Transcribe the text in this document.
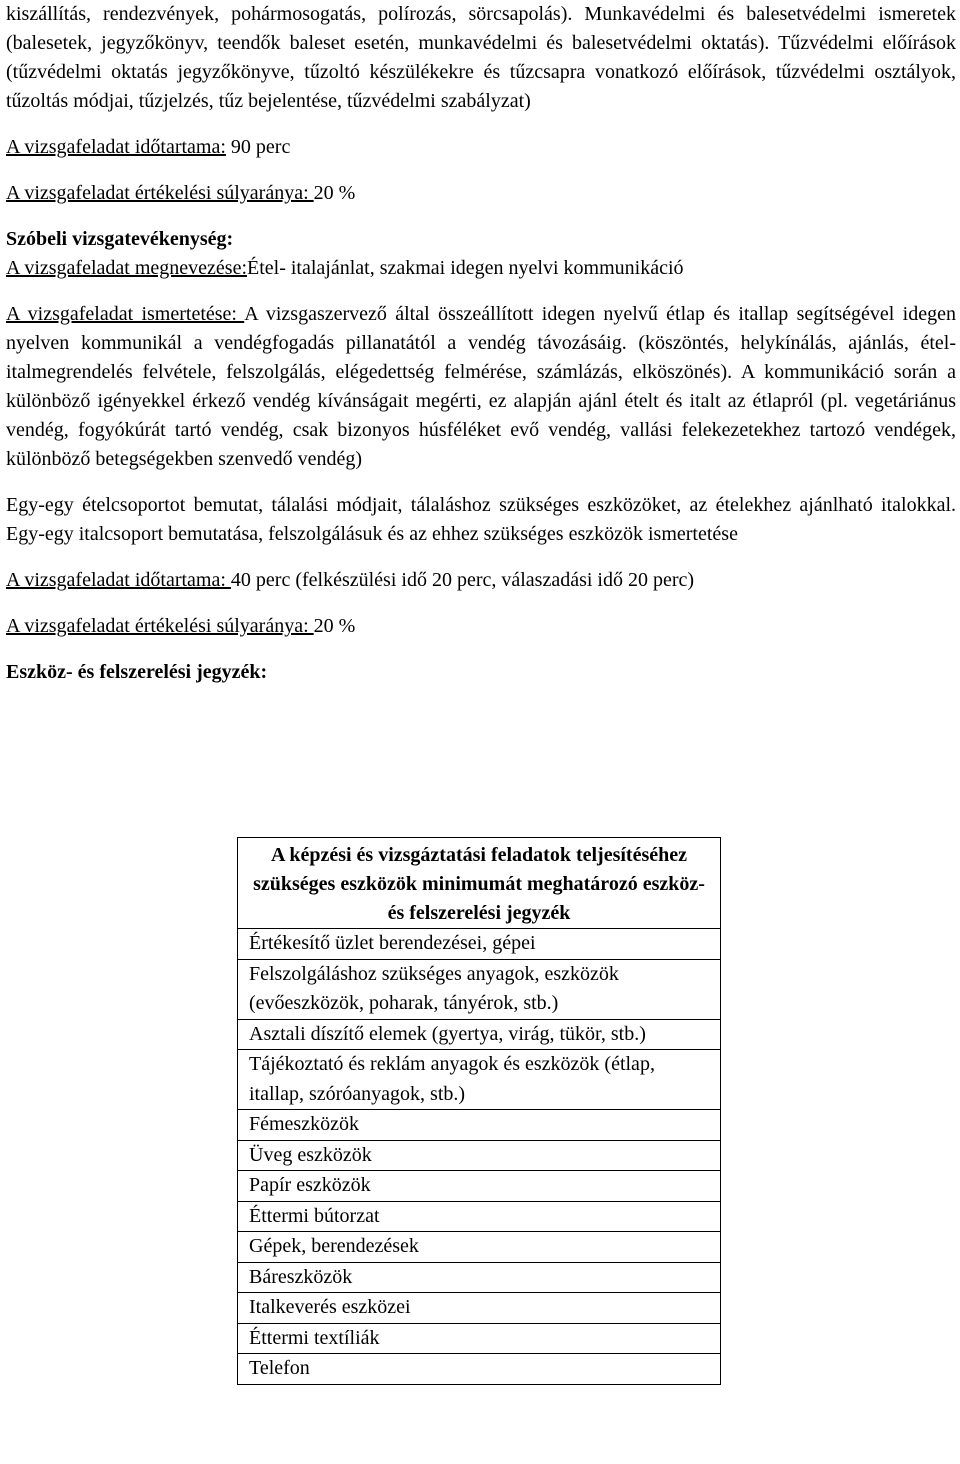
kiszállítás, rendezvények, pohármosogatás, polírozás, sörcsapolás). Munkavédelmi és balesetvédelmi ismeretek (balesetek, jegyzőkönyv, teendők baleset esetén, munkavédelmi és balesetvédelmi oktatás). Tűzvédelmi előírások (tűzvédelmi oktatás jegyzőkönyve, tűzoltó készülékekre és tűzcsapra vonatkozó előírások, tűzvédelmi osztályok, tűzoltás módjai, tűzjelzés, tűz bejelentése, tűzvédelmi szabályzat)

A vizsgafeladat időtartama: 90 perc

A vizsgafeladat értékelési súlyaránya: 20 %

Szóbeli vizsgatevékenység:

A vizsgafeladat megnevezése:Étel- italajánlat, szakmai idegen nyelvi kommunikáció

A vizsgafeladat ismertetése: A vizsgaszervező által összeállított idegen nyelvű étlap és itallap segítségével idegen nyelven kommunikál a vendégfogadás pillanatától a vendég távozásáig. (köszöntés, helykínálás, ajánlás, étel- italmegrendelés felvétele, felszolgálás, elégedettség felmérése, számlázás, elköszönés). A kommunikáció során a különböző igényekkel érkező vendég kívánságait megérti, ez alapján ajánl ételt és italt az étlapról (pl. vegetáriánus vendég, fogyókúrát tartó vendég, csak bizonyos húsféléket evő vendég, vallási felekezetekhez tartozó vendégek, különböző betegségekben szenvedő vendég)

Egy-egy ételcsoportot bemutat, tálalási módjait, tálaláshoz szükséges eszközöket, az ételekhez ajánlható italokkal. Egy-egy italcsoport bemutatása, felszolgálásuk és az ehhez szükséges eszközök ismertetése

A vizsgafeladat időtartama: 40 perc (felkészülési idő 20 perc, válaszadási idő 20 perc)

A vizsgafeladat értékelési súlyaránya: 20 %

Eszköz- és felszerelési jegyzék:

A képzési és vizsgáztatási feladatok teljesítéséhez szükséges eszközök minimumát meghatározó eszköz- és felszerelési jegyzék
Értékesítő üzlet berendezései, gépei
Felszolgáláshoz szükséges anyagok, eszközök (evőeszközök, poharak, tányérok, stb.)
Asztali díszítő elemek (gyertya, virág, tükör, stb.)
Tájékoztató és reklám anyagok és eszközök (étlap, itallap, szóróanyagok, stb.)
Fémeszközök
Üveg eszközök
Papír eszközök
Éttermi bútorzat
Gépek, berendezések
Báreszközök
Italkeverés eszközei
Éttermi textíliák
Telefon
